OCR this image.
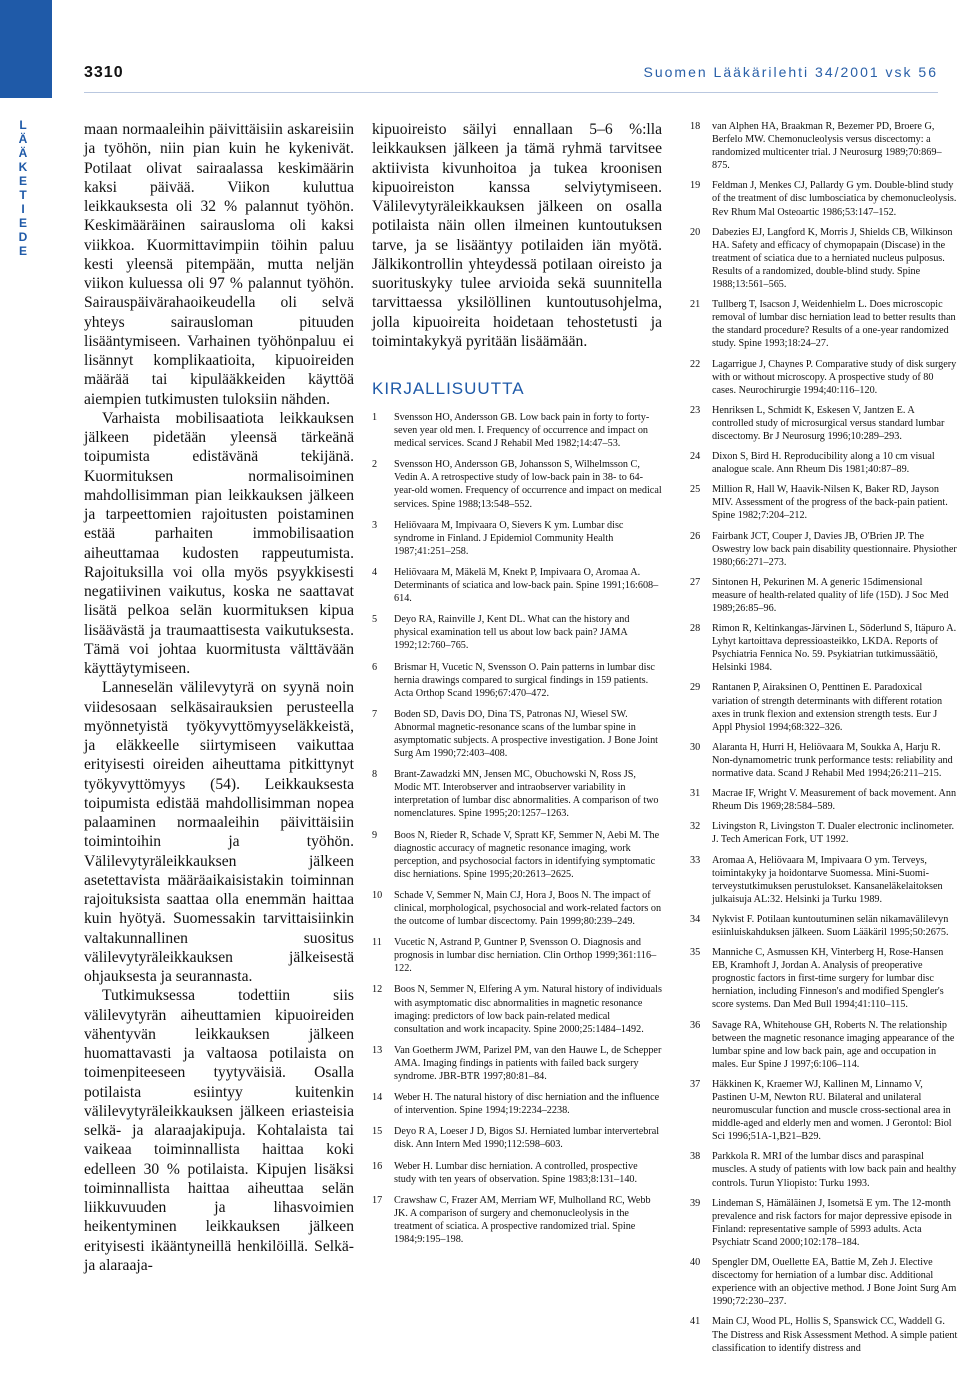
3310	Suomen Lääkärilehti 34/2001 vsk 56
L
Ä
Ä
K
E
T
I
E
D
E

maan normaaleihin päivittäisiin askareisiin ja työhön, niin pian kuin he kykenivät. Potilaat olivat sairaalassa keskimäärin kaksi päivää. Viikon kuluttua leikkauksesta oli 32 % palannut työhön. Keskimääräinen sairausloma oli kaksi viikkoa. Kuormittavimpiin töihin paluu kesti yleensä pitempään, mutta neljän viikon kuluessa oli 97 % palannut työhön. Sairauspäivärahaoikeudella oli selvä yhteys sairausloman pituuden lisääntymiseen. Varhainen työhönpaluu ei lisännyt komplikaatioita, kipuoireiden määrää tai kipulääkkeiden käyttöä aiempien tutkimusten tuloksiin nähden.

Varhaista mobilisaatiota leikkauksen jälkeen pidetään yleensä tärkeänä toipumista edistävänä tekijänä. Kuormituksen normalisoiminen mahdollisimman pian leikkauksen jälkeen ja tarpeettomien rajoitusten poistaminen estää parhaiten immobilisaation aiheuttamaa kudosten rappeutumista. Rajoituksilla voi olla myös psyykkisesti negatiivinen vaikutus, koska ne saattavat lisätä pelkoa selän kuormituksen kipua lisäävästä ja traumaattisesta vaikutuksesta. Tämä voi johtaa kuormitusta välttävään käyttäytymiseen.

Lanneselän välilevytyrä on syynä noin viidesosaan selkäsairauksien perusteella myönnetyistä työkyvyttömyyseläkkeistä, ja eläkkeelle siirtymiseen vaikuttaa erityisesti oireiden aiheuttama pitkittynyt työkyvyttömyys (54). Leikkauksesta toipumista edistää mahdollisimman nopea palaaminen normaaleihin päivittäisiin toimintoihin ja työhön. Välilevytyräleikkauksen jälkeen asetettavista määräaikaisistakin toiminnan rajoituksista saattaa olla enemmän haittaa kuin hyötyä. Suomessakin tarvittaisiinkin valtakunnallinen suositus välilevytyräleikkauksen jälkeisestä ohjauksesta ja seurannasta.

Tutkimuksessa todettiin siis välilevytyrän aiheuttamien kipuoireiden vähentyvän leikkauksen jälkeen huomattavasti ja valtaosa potilaista on toimenpiteeseen tyytyväisiä. Osalla potilaista esiintyy kuitenkin välilevytyräleikkauksen jälkeen eriasteisia selkä- ja alaraajakipuja. Kohtalaista tai vaikeaa toiminnallista haittaa koki edelleen 30 % potilaista. Kipujen lisäksi toiminnallista haittaa aiheuttaa selän liikkuvuuden ja lihasvoimien heikentyminen leikkauksen jälkeen erityisesti ikääntyneillä henkilöillä. Selkä- ja alaraaja-

kipuoireisto säilyi ennallaan 5–6 %:lla leikkauksen jälkeen ja tämä ryhmä tarvitsee aktiivista kivunhoitoa ja tukea kroonisen kipuoireiston kanssa selviytymiseen. Välilevytyräleikkauksen jälkeen on osalla potilaista näin ollen ilmeinen kuntoutuksen tarve, ja se lisääntyy potilaiden iän myötä. Jälkikontrollin yhteydessä potilaan oireisto ja suorituskyky tulee arvioida sekä suunnitella tarvittaessa yksilöllinen kuntoutusohjelma, jolla kipuoireita hoidetaan tehostetusti ja toimintakykyä pyritään lisäämään.

KIRJALLISUUTTA
1	Svensson HO, Andersson GB. Low back pain in forty to forty-seven year old men. I. Frequency of occurrence and impact on medical services. Scand J Rehabil Med 1982;14:47–53.
2	Svensson HO, Andersson GB, Johansson S, Wilhelmsson C, Vedin A. A retrospective study of low-back pain in 38- to 64-year-old women. Frequency of occurrence and impact on medical services. Spine 1988;13:548–552.
3	Heliövaara M, Impivaara O, Sievers K ym. Lumbar disc syndrome in Finland. J Epidemiol Community Health 1987;41:251–258.
4	Heliövaara M, Mäkelä M, Knekt P, Impivaara O, Aromaa A. Determinants of sciatica and low-back pain. Spine 1991;16:608–614.
5	Deyo RA, Rainville J, Kent DL. What can the history and physical examination tell us about low back pain? JAMA 1992;12:760–765.
6	Brismar H, Vucetic N, Svensson O. Pain patterns in lumbar disc hernia drawings compared to surgical findings in 159 patients. Acta Orthop Scand 1996;67:470–472.
7	Boden SD, Davis DO, Dina TS, Patronas NJ, Wiesel SW. Abnormal magnetic-resonance scans of the lumbar spine in asymptomatic subjects. A prospective investigation. J Bone Joint Surg Am 1990;72:403–408.
8	Brant-Zawadzki MN, Jensen MC, Obuchowski N, Ross JS, Modic MT. Interobserver and intraobserver variability in interpretation of lumbar disc abnormalities. A comparison of two nomenclatures. Spine 1995;20:1257–1263.
9	Boos N, Rieder R, Schade V, Spratt KF, Semmer N, Aebi M. The diagnostic accuracy of magnetic resonance imaging, work perception, and psychosocial factors in identifying symptomatic disc herniations. Spine 1995;20:2613–2625.
10	Schade V, Semmer N, Main CJ, Hora J, Boos N. The impact of clinical, morphological, psychosocial and work-related factors on the outcome of lumbar discectomy. Pain 1999;80:239–249.
11	Vucetic N, Astrand P, Guntner P, Svensson O. Diagnosis and prognosis in lumbar disc herniation. Clin Orthop 1999;361:116–122.
12	Boos N, Semmer N, Elfering A ym. Natural history of individuals with asymptomatic disc abnormalities in magnetic resonance imaging: predictors of low back pain-related medical consultation and work incapacity. Spine 2000;25:1484–1492.
13	Van Goetherm JWM, Parizel PM, van den Hauwe L, de Schepper AMA. Imaging findings in patients with failed back surgery syndrome. JBR-BTR 1997;80:81–84.
14	Weber H. The natural history of disc herniation and the influence of intervention. Spine 1994;19:2234–2238.
15	Deyo R A, Loeser J D, Bigos SJ. Herniated lumbar intervertebral disk. Ann Intern Med 1990;112:598–603.
16	Weber H. Lumbar disc herniation. A controlled, prospective study with ten years of observation. Spine 1983;8:131–140.
17	Crawshaw C, Frazer AM, Merriam WF, Mulholland RC, Webb JK. A comparison of surgery and chemonucleolysis in the treatment of sciatica. A prospective randomized trial. Spine 1984;9:195–198.
18	van Alphen HA, Braakman R, Bezemer PD, Broere G, Berfelo MW. Chemonucleolysis versus discectomy: a randomized multicenter trial. J Neurosurg 1989;70:869–875.
19	Feldman J, Menkes CJ, Pallardy G ym. Double-blind study of the treatment of disc lumbosciatica by chemonucleolysis. Rev Rhum Mal Osteoartic 1986;53:147–152.
20	Dabezies EJ, Langford K, Morris J, Shields CB, Wilkinson HA. Safety and efficacy of chymopapain (Discase) in the treatment of sciatica due to a herniated nucleus pulposus. Results of a randomized, double-blind study. Spine 1988;13:561–565.
21	Tullberg T, Isacson J, Weidenhielm L. Does microscopic removal of lumbar disc herniation lead to better results than the standard procedure? Results of a one-year randomized study. Spine 1993;18:24–27.
22	Lagarrigue J, Chaynes P. Comparative study of disk surgery with or without microscopy. A prospective study of 80 cases. Neurochirurgie 1994;40:116–120.
23	Henriksen L, Schmidt K, Eskesen V, Jantzen E. A controlled study of microsurgical versus standard lumbar discectomy. Br J Neurosurg 1996;10:289–293.
24	Dixon S, Bird H. Reproducibility along a 10 cm visual analogue scale. Ann Rheum Dis 1981;40:87–89.
25	Million R, Hall W, Haavik-Nilsen K, Baker RD, Jayson MIV. Assessment of the progress of the back-pain patient. Spine 1982;7:204–212.
26	Fairbank JCT, Couper J, Davies JB, O'Brien JP. The Oswestry low back pain disability questionnaire. Physiother 1980;66:271–273.
27	Sintonen H, Pekurinen M. A generic 15dimensional measure of health-related quality of life (15D). J Soc Med 1989;26:85–96.
28	Rimon R, Keltinkangas-Järvinen L, Söderlund S, Itäpuro A. Lyhyt kartoittava depressioasteikko, LKDA. Reports of Psychiatria Fennica No. 59. Psykiatrian tutkimussäätiö, Helsinki 1984.
29	Rantanen P, Airaksinen O, Penttinen E. Paradoxical variation of strength determinants with different rotation axes in trunk flexion and extension strength tests. Eur J Appl Physiol 1994;68:322–326.
30	Alaranta H, Hurri H, Heliövaara M, Soukka A, Harju R. Non-dynamometric trunk performance tests: reliability and normative data. Scand J Rehabil Med 1994;26:211–215.
31	Macrae IF, Wright V. Measurement of back movement. Ann Rheum Dis 1969;28:584–589.
32	Livingston R, Livingston T. Dualer electronic inclinometer. J. Tech American Fork, UT 1992.
33	Aromaa A, Heliövaara M, Impivaara O ym. Terveys, toimintakyky ja hoidontarve Suomessa. Mini-Suomi-terveystutkimuksen perustulokset. Kansaneläkelaitoksen julkaisuja AL:32. Helsinki ja Turku 1989.
34	Nykvist F. Potilaan kuntoutuminen selän nikamavälilevyn esiinluiskahduksen jälkeen. Suom Lääkäril 1995;50:2675.
35	Manniche C, Asmussen KH, Vinterberg H, Rose-Hansen EB, Kramhoft J, Jordan A. Analysis of preoperative prognostic factors in first-time surgery for lumbar disc herniation, including Finneson's and modified Spengler's score systems. Dan Med Bull 1994;41:110–115.
36	Savage RA, Whitehouse GH, Roberts N. The relationship between the magnetic resonance imaging appearance of the lumbar spine and low back pain, age and occupation in males. Eur Spine J 1997;6:106–114.
37	Häkkinen K, Kraemer WJ, Kallinen M, Linnamo V, Pastinen U-M, Newton RU. Bilateral and unilateral neuromuscular function and muscle cross-sectional area in middle-aged and elderly men and women. J Gerontol: Biol Sci 1996;51A-1,B21–B29.
38	Parkkola R. MRI of the lumbar discs and paraspinal muscles. A study of patients with low back pain and healthy controls. Turun Yliopisto: Turku 1993.
39	Lindeman S, Hämäläinen J, Isometsä E ym. The 12-month prevalence and risk factors for major depressive episode in Finland: representative sample of 5993 adults. Acta Psychiatr Scand 2000;102:178–184.
40	Spengler DM, Ouellette EA, Battie M, Zeh J. Elective discectomy for herniation of a lumbar disc. Additional experience with an objective method. J Bone Joint Surg Am 1990;72:230–237.
41	Main CJ, Wood PL, Hollis S, Spanswick CC, Waddell G. The Distress and Risk Assessment Method. A simple patient classification to identify distress and
